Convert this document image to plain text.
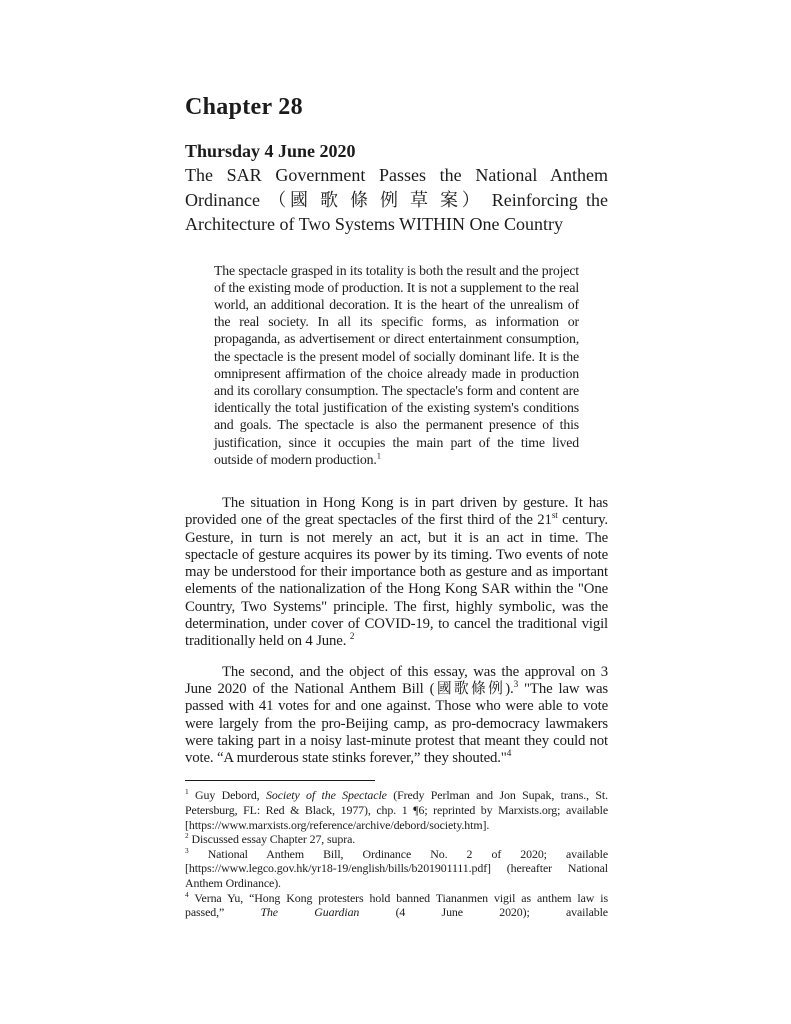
Chapter 28
Thursday 4 June 2020
The SAR Government Passes the National Anthem Ordinance （國 歌 條 例 草 案） Reinforcing the Architecture of Two Systems WITHIN One Country
The spectacle grasped in its totality is both the result and the project of the existing mode of production. It is not a supplement to the real world, an additional decoration. It is the heart of the unrealism of the real society. In all its specific forms, as information or propaganda, as advertisement or direct entertainment consumption, the spectacle is the present model of socially dominant life. It is the omnipresent affirmation of the choice already made in production and its corollary consumption. The spectacle's form and content are identically the total justification of the existing system's conditions and goals. The spectacle is also the permanent presence of this justification, since it occupies the main part of the time lived outside of modern production.$^1$

The situation in Hong Kong is in part driven by gesture. It has provided one of the great spectacles of the first third of the 21st century. Gesture, in turn is not merely an act, but it is an act in time. The spectacle of gesture acquires its power by its timing. Two events of note may be understood for their importance both as gesture and as important elements of the nationalization of the Hong Kong SAR within the "One Country, Two Systems" principle. The first, highly symbolic, was the determination, under cover of COVID-19, to cancel the traditional vigil traditionally held on 4 June. $^2$

The second, and the object of this essay, was the approval on 3 June 2020 of the National Anthem Bill (國歌條例).$^3$ "The law was passed with 41 votes for and one against. Those who were able to vote were largely from the pro-Beijing camp, as pro-democracy lawmakers were taking part in a noisy last-minute protest that meant they could not vote. “A murderous state stinks forever,” they shouted."$^4$

$^1$ Guy Debord, Society of the Spectacle (Fredy Perlman and Jon Supak, trans., St. Petersburg, FL: Red & Black, 1977), chp. 1 ¶6; reprinted by Marxists.org; available [https://www.marxists.org/reference/archive/debord/society.htm].

$^2$ Discussed essay Chapter 27, supra.

$^3$ National Anthem Bill, Ordinance No. 2 of 2020; available [https://www.legco.gov.hk/yr18-19/english/bills/b201901111.pdf] (hereafter National Anthem Ordinance).

$^4$ Verna Yu, “Hong Kong protesters hold banned Tiananmen vigil as anthem law is passed,” The Guardian (4 June 2020); available
